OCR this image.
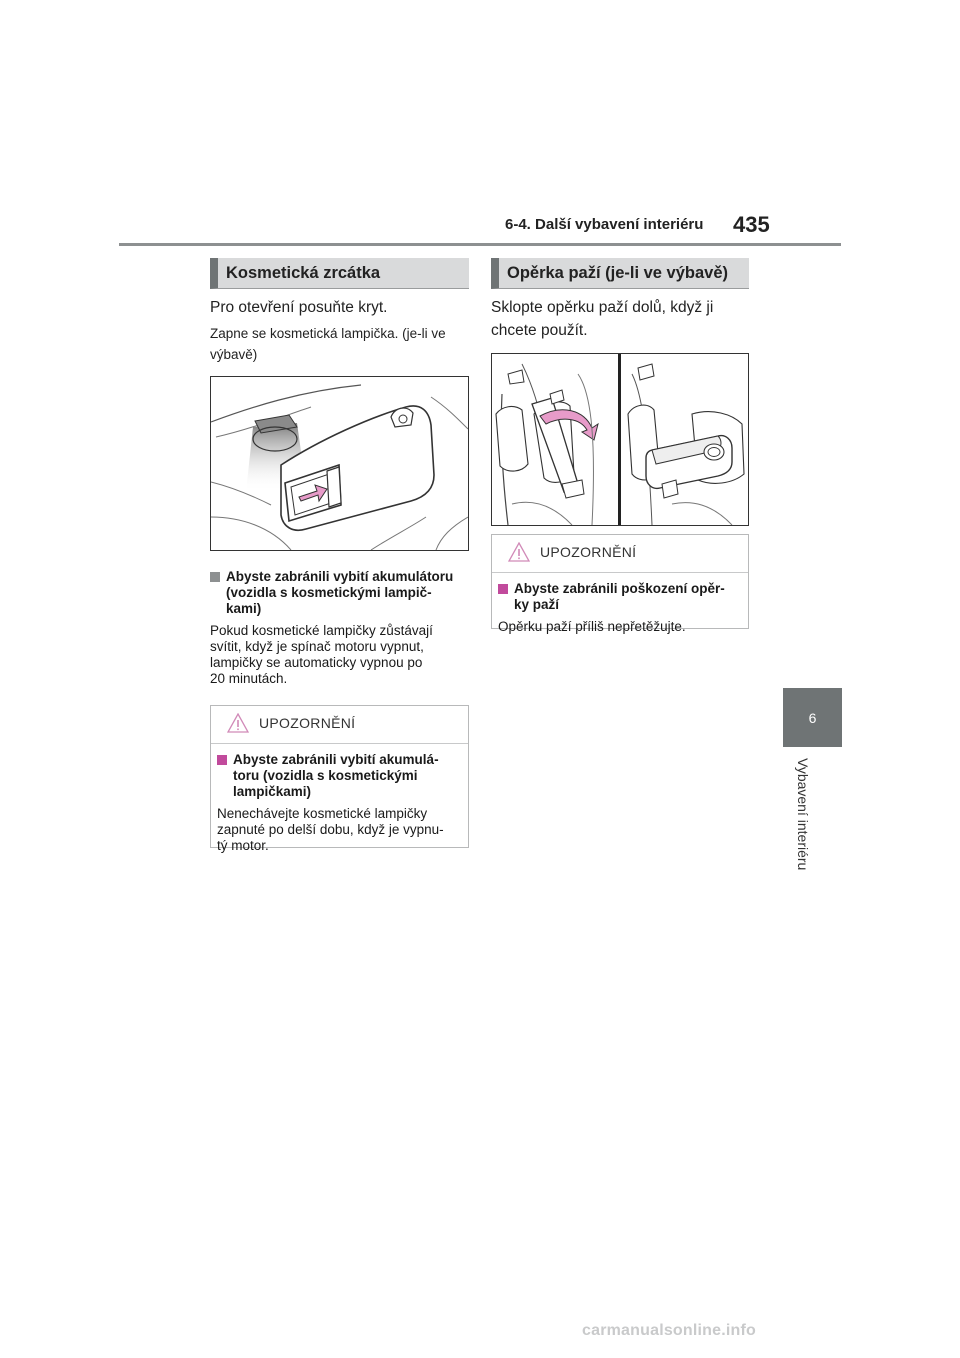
6-4. Další vybavení interiéru 435
6
Vybavení interiéru
Kosmetická zrcátka
Pro otevření posuňte kryt.
Zapne se kosmetická lampička. (je-li ve
výbavě)
Abyste zabránili vybití akumulátoru
(vozidla s kosmetickými lampič-
kami)
Pokud kosmetické lampičky zůstávají
svítit, když je spínač motoru vypnut,
lampičky se automaticky vypnou po
20 minutách.
UPOZORNĚNÍ
Abyste zabránili vybití akumulá-
toru (vozidla s kosmetickými
lampičkami)
Nenechávejte kosmetické lampičky
zapnuté po delší dobu, když je vypnu-
tý motor.
Opěrka paží (je-li ve výbavě)
Sklopte opěrku paží dolů, když ji
chcete použít.
UPOZORNĚNÍ
Abyste zabránili poškození opěr-
ky paží
Opěrku paží příliš nepřetěžujte.
carmanualsonline.info
